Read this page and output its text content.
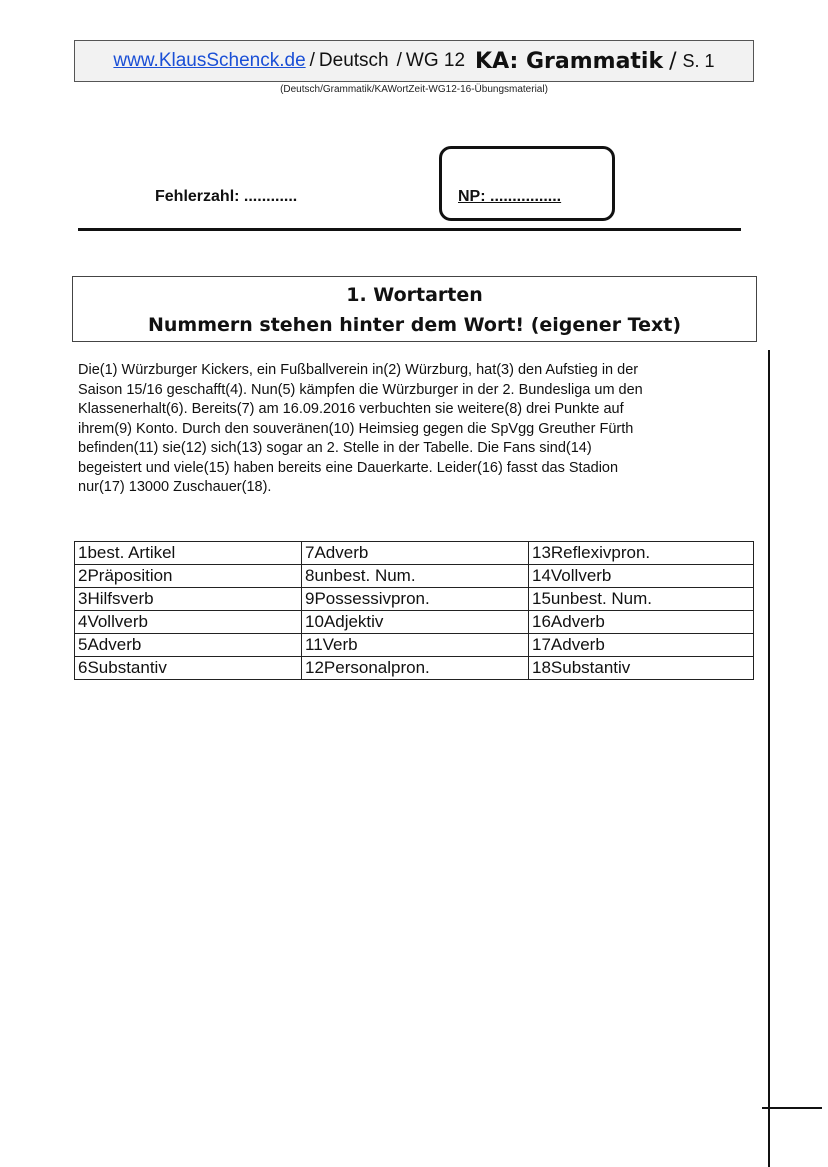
www.KlausSchenck.de / Deutsch / WG 12 KA: Grammatik / S. 1
(Deutsch/Grammatik/KAWortZeit-WG12-16-Übungsmaterial)
Fehlerzahl: ............	NP: ................
1. Wortarten
Nummern stehen hinter dem Wort! (eigener Text)
Die(1) Würzburger Kickers, ein Fußballverein in(2) Würzburg, hat(3) den Aufstieg in der
Saison 15/16 geschafft(4). Nun(5) kämpfen die Würzburger in der 2. Bundesliga um den
Klassenerhalt(6). Bereits(7) am 16.09.2016 verbuchten sie weitere(8) drei Punkte auf
ihrem(9) Konto. Durch den souveränen(10) Heimsieg gegen die SpVgg Greuther Fürth
befinden(11) sie(12) sich(13) sogar an 2. Stelle in der Tabelle. Die Fans sind(14)
begeistert und viele(15) haben bereits eine Dauerkarte. Leider(16) fasst das Stadion
nur(17) 13000 Zuschauer(18).
1best. Artikel	7Adverb	13Reflexivpron.
2Präposition	8unbest. Num.	14Vollverb
3Hilfsverb	9Possessivpron.	15unbest. Num.
4Vollverb	10Adjektiv	16Adverb
5Adverb	11Verb	17Adverb
6Substantiv	12Personalpron.	18Substantiv
